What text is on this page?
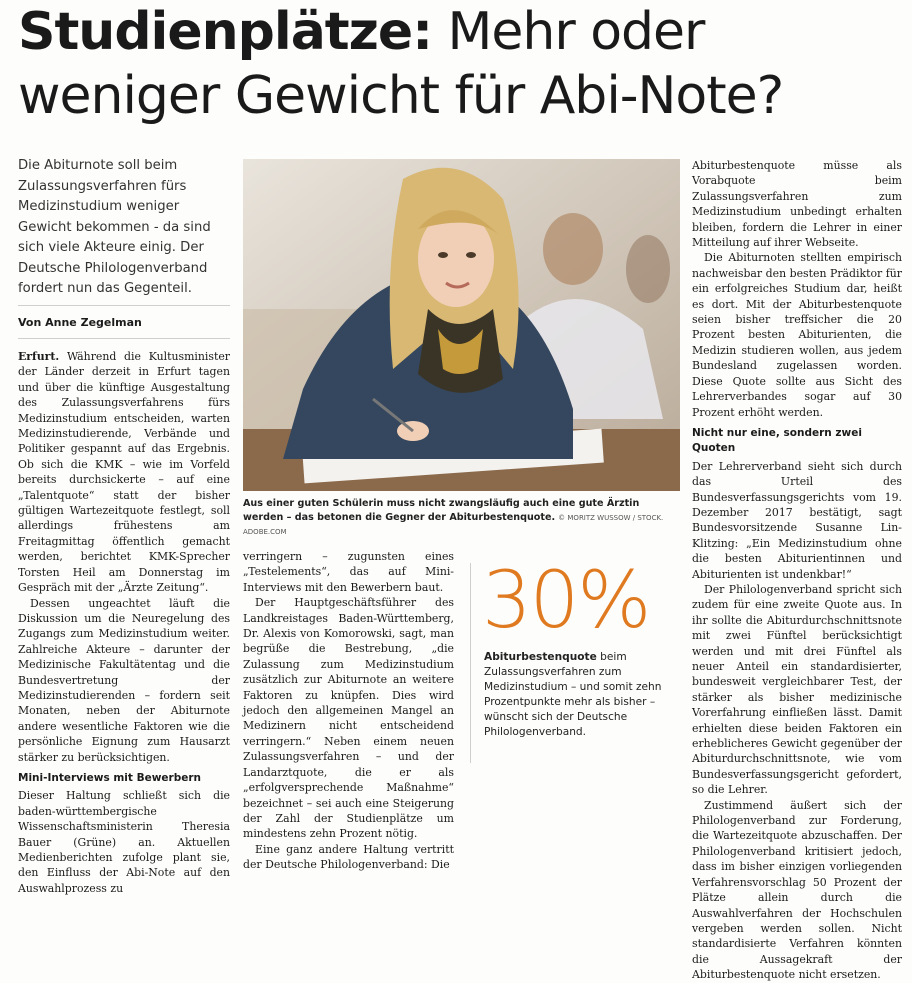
Studienplätze: Mehr oder
weniger Gewicht für Abi-Note?

Die Abiturnote soll beim Zulassungsverfahren fürs Medizinstudium weniger Gewicht bekommen - da sind sich viele Akteure einig. Der Deutsche Philologenverband fordert nun das Gegenteil.

Von Anne Zegelman

Erfurt. Während die Kultusminister der Länder derzeit in Erfurt tagen und über die künftige Ausgestaltung des Zulassungsverfahrens fürs Medizinstudium entscheiden, warten Medizinstudierende, Verbände und Politiker gespannt auf das Ergebnis. Ob sich die KMK – wie im Vorfeld bereits durchsickerte – auf eine „Talentquote“ statt der bisher gültigen Wartezeitquote festlegt, soll allerdings frühestens am Freitagmittag öffentlich gemacht werden, berichtet KMK-Sprecher Torsten Heil am Donnerstag im Gespräch mit der „Ärzte Zeitung“.

Dessen ungeachtet läuft die Diskussion um die Neuregelung des Zugangs zum Medizinstudium weiter. Zahlreiche Akteure – darunter der Medizinische Fakultätentag und die Bundesvertretung der Medizinstudierenden – fordern seit Monaten, neben der Abiturnote andere wesentliche Faktoren wie die persönliche Eignung zum Hausarzt stärker zu berücksichtigen.

Mini-Interviews mit Bewerbern

Dieser Haltung schließt sich die baden-württembergische Wissenschaftsministerin Theresia Bauer (Grüne) an. Aktuellen Medienberichten zufolge plant sie, den Einfluss der Abi-Note auf den Auswahlprozess zu

Aus einer guten Schülerin muss nicht zwangsläufig auch eine gute Ärztin werden – das betonen die Gegner der Abiturbestenquote. © MORITZ WUSSOW / STOCK. ADOBE.COM

verringern – zugunsten eines „Testelements“, das auf Mini-Interviews mit den Bewerbern baut.

Der Hauptgeschäftsführer des Landkreistages Baden-Württemberg, Dr. Alexis von Komorowski, sagt, man begrüße die Bestrebung, „die Zulassung zum Medizinstudium zusätzlich zur Abiturnote an weitere Faktoren zu knüpfen. Dies wird jedoch den allgemeinen Mangel an Medizinern nicht entscheidend verringern.“ Neben einem neuen Zulassungsverfahren – und der Landarztquote, die er als „erfolgversprechende Maßnahme“ bezeichnet – sei auch eine Steigerung der Zahl der Studienplätze um mindestens zehn Prozent nötig.

Eine ganz andere Haltung vertritt der Deutsche Philologenverband: Die

30%
Abiturbestenquote beim Zulassungsverfahren zum Medizinstudium – und somit zehn Prozentpunkte mehr als bisher – wünscht sich der Deutsche Philologenverband.

Abiturbestenquote müsse als Vorabquote beim Zulassungsverfahren zum Medizinstudium unbedingt erhalten bleiben, fordern die Lehrer in einer Mitteilung auf ihrer Webseite.

Die Abiturnoten stellten empirisch nachweisbar den besten Prädiktor für ein erfolgreiches Studium dar, heißt es dort. Mit der Abiturbestenquote seien bisher treffsicher die 20 Prozent besten Abiturienten, die Medizin studieren wollen, aus jedem Bundesland zugelassen worden. Diese Quote sollte aus Sicht des Lehrerverbandes sogar auf 30 Prozent erhöht werden.

Nicht nur eine, sondern zwei Quoten

Der Lehrerverband sieht sich durch das Urteil des Bundesverfassungsgerichts vom 19. Dezember 2017 bestätigt, sagt Bundesvorsitzende Susanne Lin-Klitzing: „Ein Medizinstudium ohne die besten Abiturientinnen und Abiturienten ist undenkbar!“

Der Philologenverband spricht sich zudem für eine zweite Quote aus. In ihr sollte die Abiturdurchschnittsnote mit zwei Fünftel berücksichtigt werden und mit drei Fünftel als neuer Anteil ein standardisierter, bundesweit vergleichbarer Test, der stärker als bisher medizinische Vorerfahrung einfließen lässt. Damit erhielten diese beiden Faktoren ein erheblicheres Gewicht gegenüber der Abiturdurchschnittsnote, wie vom Bundesverfassungsgericht gefordert, so die Lehrer.

Zustimmend äußert sich der Philologenverband zur Forderung, die Wartezeitquote abzuschaffen. Der Philologenverband kritisiert jedoch, dass im bisher einzigen vorliegenden Verfahrensvorschlag 50 Prozent der Plätze allein durch die Auswahlverfahren der Hochschulen vergeben werden sollen. Nicht standardisierte Verfahren könnten die Aussagekraft der Abiturbestenquote nicht ersetzen.
